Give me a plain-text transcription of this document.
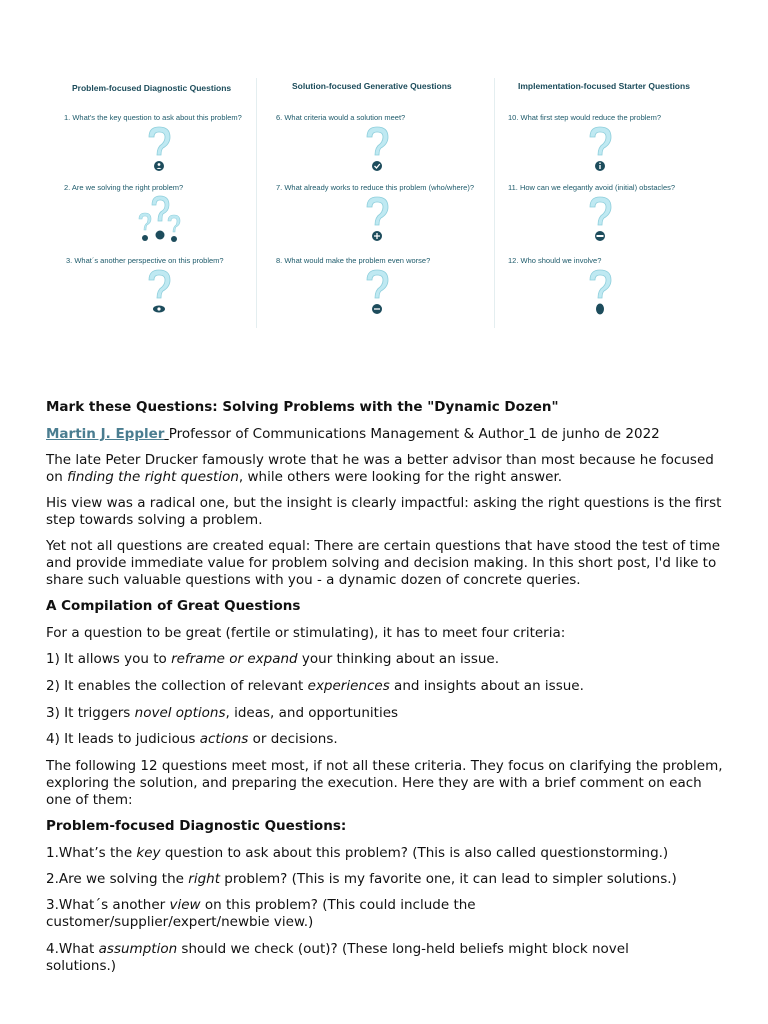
Problem-focused Diagnostic Questions	Solution-focused Generative Questions	Implementation-focused Starter Questions
1. What's the key question to ask about this problem?
2. Are we solving the right problem?
3. What´s another perspective on this problem?
6. What criteria would a solution meet?
7. What already works to reduce this problem (who/where)?
8. What would make the problem even worse?
10. What first step would reduce the problem?
11. How can we elegantly avoid (initial) obstacles?
12. Who should we involve?

Mark these Questions: Solving Problems with the "Dynamic Dozen"

Martin J. Eppler Professor of Communications Management & Author 1 de junho de 2022

The late Peter Drucker famously wrote that he was a better advisor than most because he focused on finding the right question, while others were looking for the right answer.

His view was a radical one, but the insight is clearly impactful: asking the right questions is the first step towards solving a problem.

Yet not all questions are created equal: There are certain questions that have stood the test of time and provide immediate value for problem solving and decision making. In this short post, I'd like to share such valuable questions with you - a dynamic dozen of concrete queries.

A Compilation of Great Questions

For a question to be great (fertile or stimulating), it has to meet four criteria:

1) It allows you to reframe or expand your thinking about an issue.

2) It enables the collection of relevant experiences and insights about an issue.

3) It triggers novel options, ideas, and opportunities

4) It leads to judicious actions or decisions.

The following 12 questions meet most, if not all these criteria. They focus on clarifying the problem, exploring the solution, and preparing the execution. Here they are with a brief comment on each one of them:

Problem-focused Diagnostic Questions:

1.What’s the key question to ask about this problem? (This is also called questionstorming.)

2.Are we solving the right problem? (This is my favorite one, it can lead to simpler solutions.)

3.What´s another view on this problem? (This could include the customer/supplier/expert/newbie view.)

4.What assumption should we check (out)? (These long-held beliefs might block novel solutions.)
